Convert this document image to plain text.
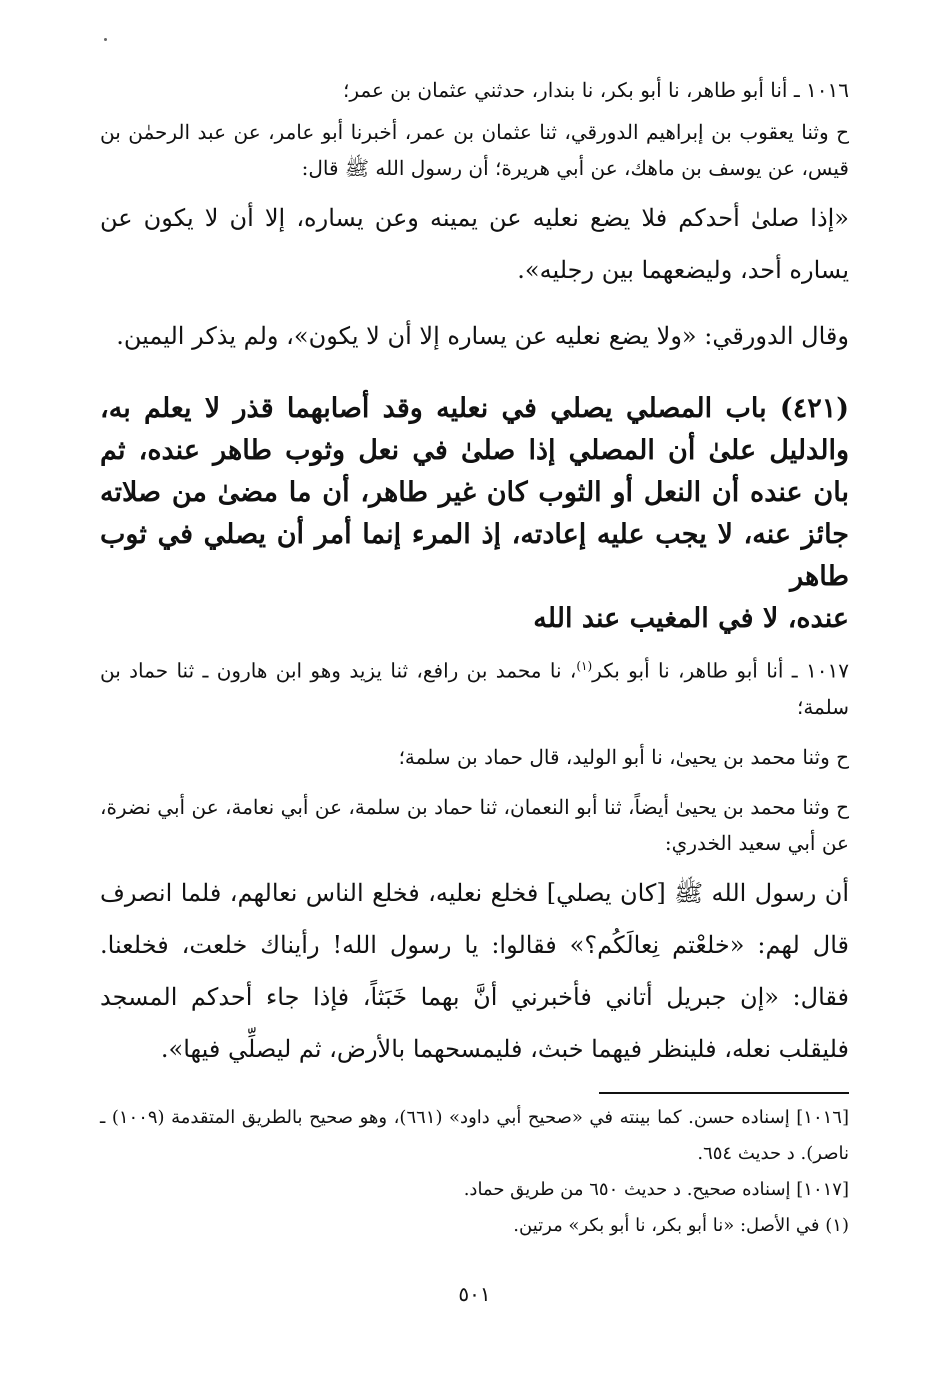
١٠١٦ ـ أنا أبو طاهر، نا أبو بكر، نا بندار، حدثني عثمان بن عمر؛

ح وثنا يعقوب بن إبراهيم الدورقي، ثنا عثمان بن عمر، أخبرنا أبو عامر، عن عبد الرحمٰن بن قيس، عن يوسف بن ماهك، عن أبي هريرة؛ أن رسول الله ﷺ قال:

«إذا صلىٰ أحدكم فلا يضع نعليه عن يمينه وعن يساره، إلا أن لا يكون عن يساره أحد، وليضعهما بين رجليه».

وقال الدورقي: «ولا يضع نعليه عن يساره إلا أن لا يكون»، ولم يذكر اليمين.

(٤٢١) باب المصلي يصلي في نعليه وقد أصابهما قذر لا يعلم به، والدليل علىٰ أن المصلي إذا صلىٰ في نعل وثوب طاهر عنده، ثم بان عنده أن النعل أو الثوب كان غير طاهر، أن ما مضىٰ من صلاته جائز عنه، لا يجب عليه إعادته، إذ المرء إنما أمر أن يصلي في ثوب طاهر
عنده، لا في المغيب عند الله

١٠١٧ ـ أنا أبو طاهر، نا أبو بكر$^{(١)}$، نا محمد بن رافع، ثنا يزيد وهو ابن هارون ـ ثنا حماد بن سلمة؛

ح وثنا محمد بن يحيىٰ، نا أبو الوليد، قال حماد بن سلمة؛

ح وثنا محمد بن يحيىٰ أيضاً، ثنا أبو النعمان، ثنا حماد بن سلمة، عن أبي نعامة، عن أبي نضرة، عن أبي سعيد الخدري:

أن رسول الله ﷺ [كان يصلي] فخلع نعليه، فخلع الناس نعالهم، فلما انصرف قال لهم: «خلعْتم نِعالَكُم؟» فقالوا: يا رسول الله! رأيناك خلعت، فخلعنا. فقال: «إن جبريل أتاني فأخبرني أنَّ بهما خَبَثاً، فإذا جاء أحدكم المسجد فليقلب نعله، فلينظر فيهما خبث، فليمسحهما بالأرض، ثم ليصلِّي فيها».

[١٠١٦] إسناده حسن. كما بينته في «صحيح أبي داود» (٦٦١)، وهو صحيح بالطريق المتقدمة (١٠٠٩) ـ ناصر). د حديث ٦٥٤.

[١٠١٧] إسناده صحيح. د حديث ٦٥٠ من طريق حماد.

(١) في الأصل: «نا أبو بكر، نا أبو بكر» مرتين.

٥٠١
